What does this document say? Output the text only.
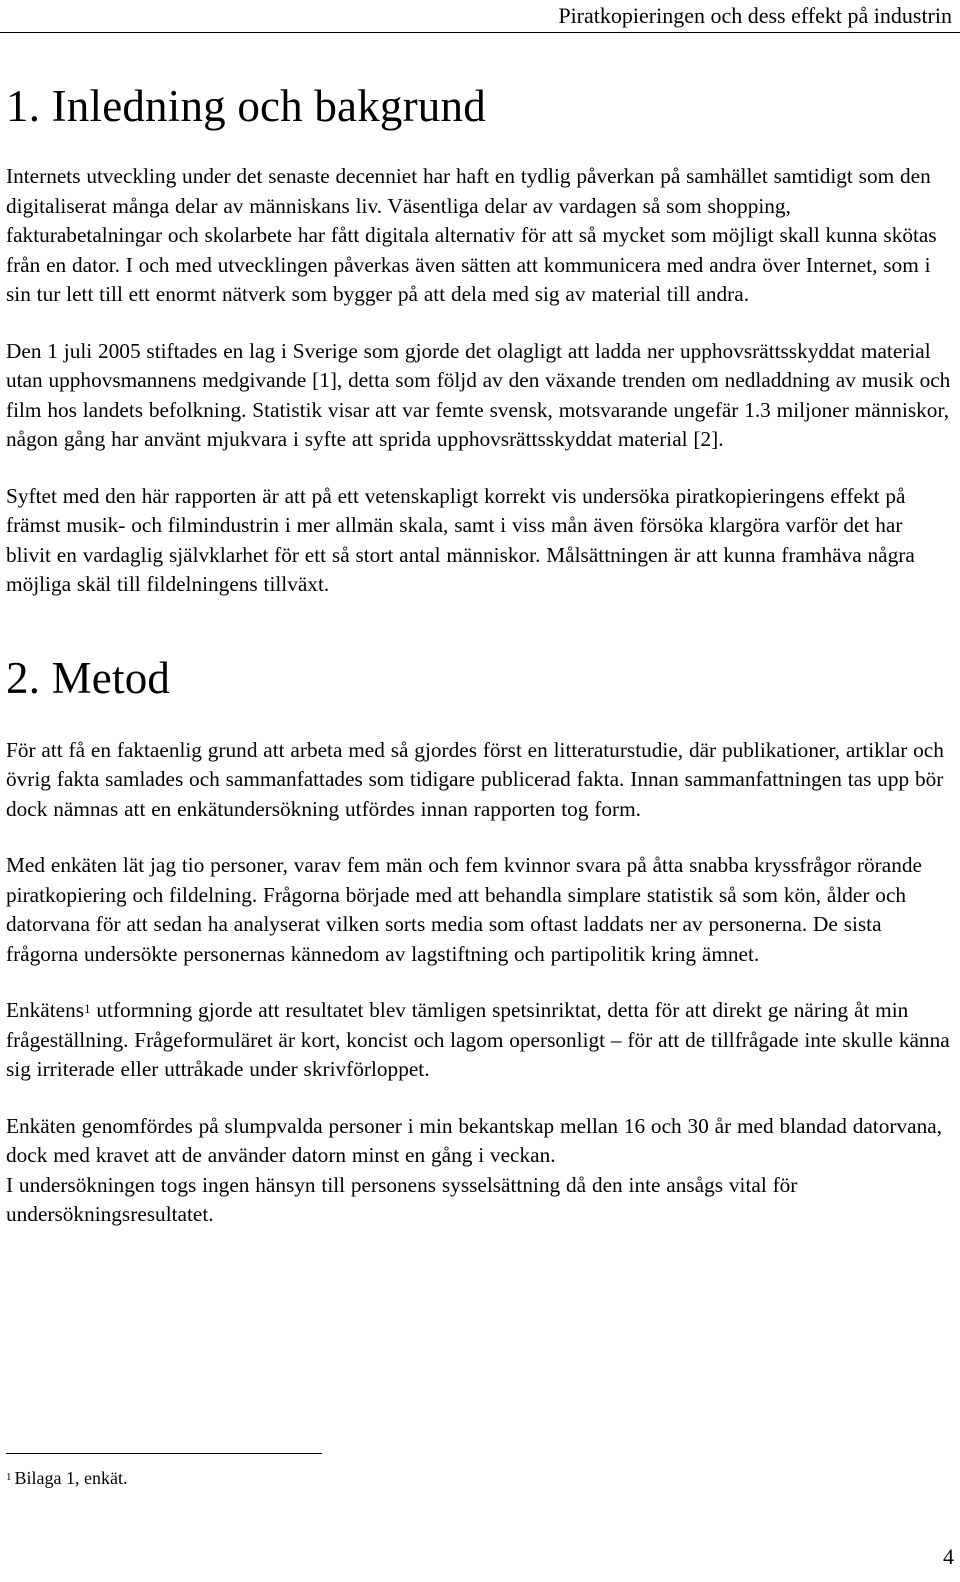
Piratkopieringen och dess effekt på industrin
1. Inledning och bakgrund

Internets utveckling under det senaste decenniet har haft en tydlig påverkan på samhället samtidigt som den digitaliserat många delar av människans liv. Väsentliga delar av vardagen så som shopping, fakturabetalningar och skolarbete har fått digitala alternativ för att så mycket som möjligt skall kunna skötas från en dator. I och med utvecklingen påverkas även sätten att kommunicera med andra över Internet, som i sin tur lett till ett enormt nätverk som bygger på att dela med sig av material till andra.

Den 1 juli 2005 stiftades en lag i Sverige som gjorde det olagligt att ladda ner upphovsrättsskyddat material utan upphovsmannens medgivande [1], detta som följd av den växande trenden om nedladdning av musik och film hos landets befolkning. Statistik visar att var femte svensk, motsvarande ungefär 1.3 miljoner människor, någon gång har använt mjukvara i syfte att sprida upphovsrättsskyddat material [2].

Syftet med den här rapporten är att på ett vetenskapligt korrekt vis undersöka piratkopieringens effekt på främst musik- och filmindustrin i mer allmän skala, samt i viss mån även försöka klargöra varför det har blivit en vardaglig självklarhet för ett så stort antal människor. Målsättningen är att kunna framhäva några möjliga skäl till fildelningens tillväxt.

2. Metod

För att få en faktaenlig grund att arbeta med så gjordes först en litteraturstudie, där publikationer, artiklar och övrig fakta samlades och sammanfattades som tidigare publicerad fakta. Innan sammanfattningen tas upp bör dock nämnas att en enkätundersökning utfördes innan rapporten tog form.

Med enkäten lät jag tio personer, varav fem män och fem kvinnor svara på åtta snabba kryssfrågor rörande piratkopiering och fildelning. Frågorna började med att behandla simplare statistik så som kön, ålder och datorvana för att sedan ha analyserat vilken sorts media som oftast laddats ner av personerna. De sista frågorna undersökte personernas kännedom av lagstiftning och partipolitik kring ämnet.

Enkätens$^1$ utformning gjorde att resultatet blev tämligen spetsinriktat, detta för att direkt ge näring åt min frågeställning. Frågeformuläret är kort, koncist och lagom opersonligt – för att de tillfrågade inte skulle känna sig irriterade eller uttråkade under skrivförloppet.

Enkäten genomfördes på slumpvalda personer i min bekantskap mellan 16 och 30 år med blandad datorvana, dock med kravet att de använder datorn minst en gång i veckan.

I undersökningen togs ingen hänsyn till personens sysselsättning då den inte ansågs vital för undersökningsresultatet.

$^1$ Bilaga 1, enkät.
4
